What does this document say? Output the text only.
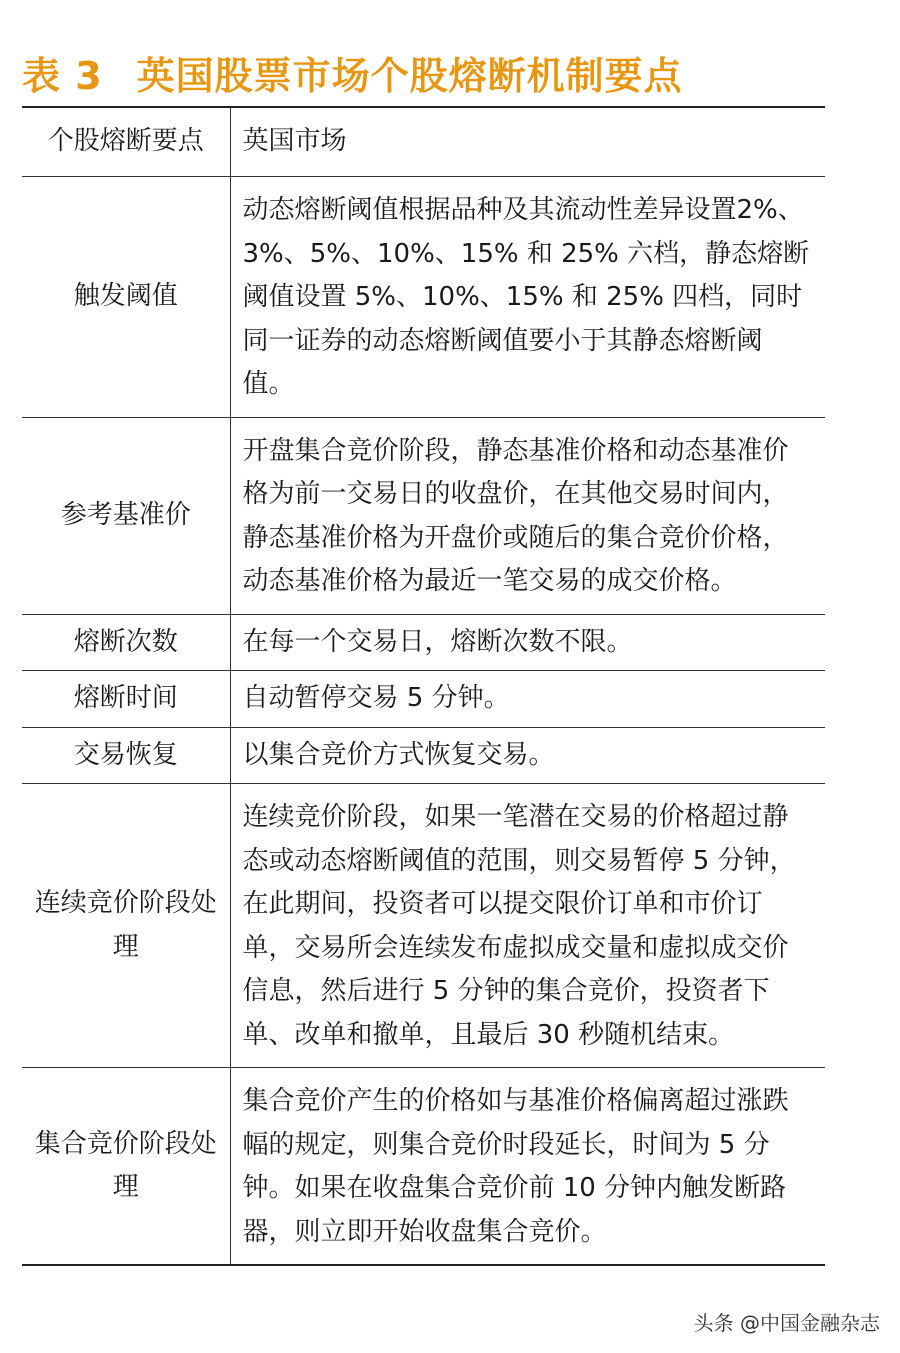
表 3 英国股票市场个股熔断机制要点
个股熔断要点	英国市场
触发阈值	动态熔断阈值根据品种及其流动性差异设置2%、3%、5%、10%、15% 和 25% 六档，静态熔断阈值设置 5%、10%、15% 和 25% 四档，同时同一证券的动态熔断阈值要小于其静态熔断阈值。
参考基准价	开盘集合竞价阶段，静态基准价格和动态基准价格为前一交易日的收盘价，在其他交易时间内，静态基准价格为开盘价或随后的集合竞价价格，动态基准价格为最近一笔交易的成交价格。
熔断次数	在每一个交易日，熔断次数不限。
熔断时间	自动暂停交易 5 分钟。
交易恢复	以集合竞价方式恢复交易。
连续竞价阶段处理	连续竞价阶段，如果一笔潜在交易的价格超过静态或动态熔断阈值的范围，则交易暂停 5 分钟，在此期间，投资者可以提交限价订单和市价订单，交易所会连续发布虚拟成交量和虚拟成交价信息，然后进行 5 分钟的集合竞价，投资者下单、改单和撤单，且最后 30 秒随机结束。
集合竞价阶段处理	集合竞价产生的价格如与基准价格偏离超过涨跌幅的规定，则集合竞价时段延长，时间为 5 分钟。如果在收盘集合竞价前 10 分钟内触发断路器，则立即开始收盘集合竞价。
头条 @中国金融杂志
